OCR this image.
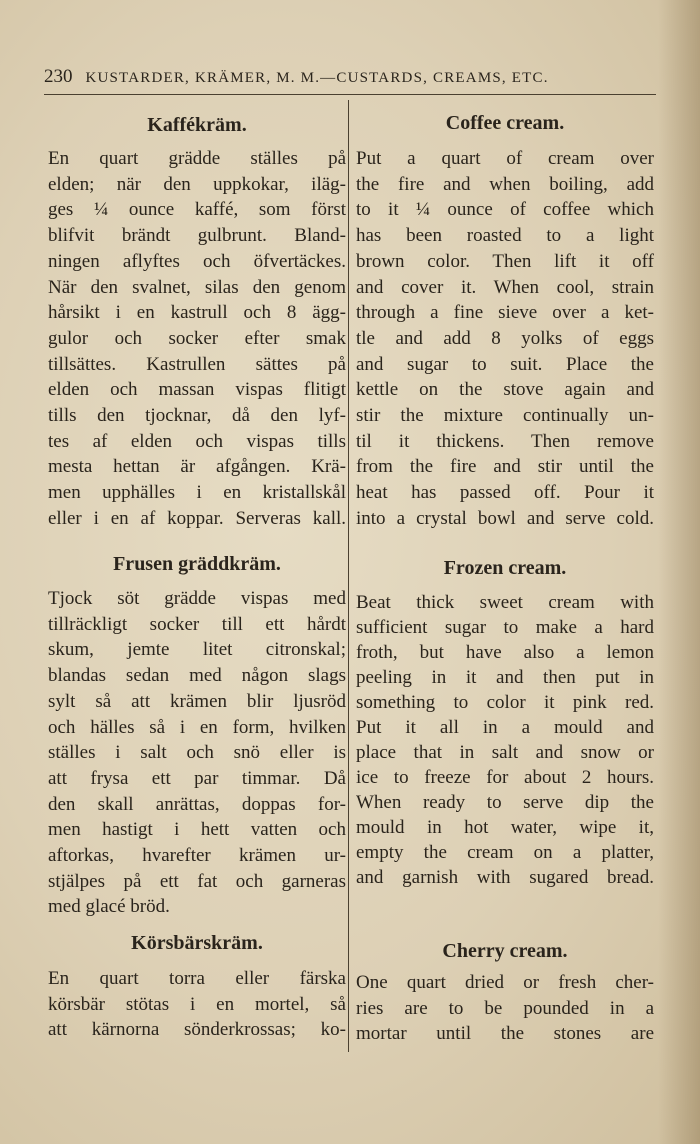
230 KUSTARDER, KRÄMER, M. M.—CUSTARDS, CREAMS, ETC.
Kaffékräm.
En quart grädde ställes på
elden; när den uppkokar, iläg-
ges ¼ ounce kaffé, som först
blifvit brändt gulbrunt. Bland-
ningen aflyftes och öfvertäckes.
När den svalnet, silas den genom
hårsikt i en kastrull och 8 ägg-
gulor och socker efter smak
tillsättes. Kastrullen sättes på
elden och massan vispas flitigt
tills den tjocknar, då den lyf-
tes af elden och vispas tills
mesta hettan är afgången. Krä-
men upphälles i en kristallskål
eller i en af koppar. Serveras kall.
Frusen gräddkräm.
Tjock söt grädde vispas med
tillräckligt socker till ett hårdt
skum, jemte litet citronskal;
blandas sedan med någon slags
sylt så att krämen blir ljusröd
och hälles så i en form, hvilken
ställes i salt och snö eller is
att frysa ett par timmar. Då
den skall anrättas, doppas for-
men hastigt i hett vatten och
aftorkas, hvarefter krämen ur-
stjälpes på ett fat och garneras
med glacé bröd.
Körsbärskräm.
En quart torra eller färska
körsbär stötas i en mortel, så
att kärnorna sönderkrossas; ko-
Coffee cream.
Put a quart of cream over
the fire and when boiling, add
to it ¼ ounce of coffee which
has been roasted to a light
brown color. Then lift it off
and cover it. When cool, strain
through a fine sieve over a ket-
tle and add 8 yolks of eggs
and sugar to suit. Place the
kettle on the stove again and
stir the mixture continually un-
til it thickens. Then remove
from the fire and stir until the
heat has passed off. Pour it
into a crystal bowl and serve cold.
Frozen cream.
Beat thick sweet cream with
sufficient sugar to make a hard
froth, but have also a lemon
peeling in it and then put in
something to color it pink red.
Put it all in a mould and
place that in salt and snow or
ice to freeze for about 2 hours.
When ready to serve dip the
mould in hot water, wipe it,
empty the cream on a platter,
and garnish with sugared bread.
Cherry cream.
One quart dried or fresh cher-
ries are to be pounded in a
mortar until the stones are
